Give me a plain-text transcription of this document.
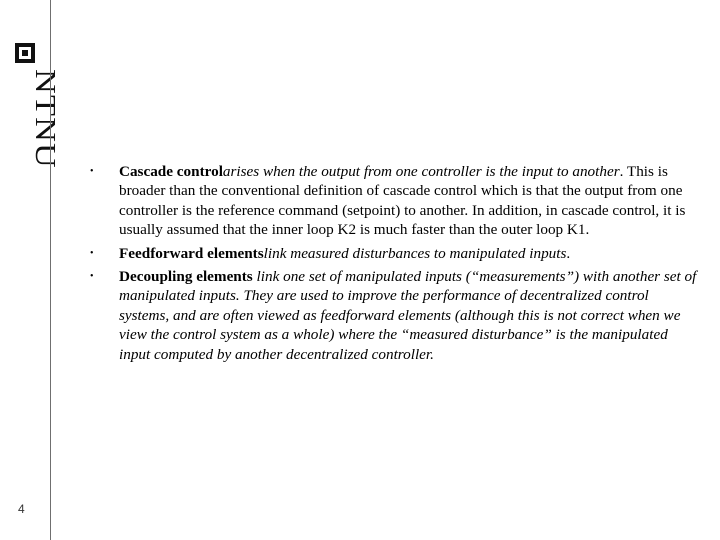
NTNU
4
•	Cascade controlarises when the output from one controller is the input to another. This is broader than the conventional definition of cascade control which is that the output from one controller is the reference command (setpoint) to another. In addition, in cascade control, it is usually assumed that the inner loop K2 is much faster than the outer loop K1.
•	Feedforward elementslink measured disturbances to manipulated inputs.
•	Decoupling elements link one set of manipulated inputs (“measurements”) with another set of manipulated inputs. They are used to improve the performance of decentralized control systems, and are often viewed as feedforward elements (although this is not correct when we view the control system as a whole) where the “measured disturbance” is the manipulated input computed by another decentralized controller.
